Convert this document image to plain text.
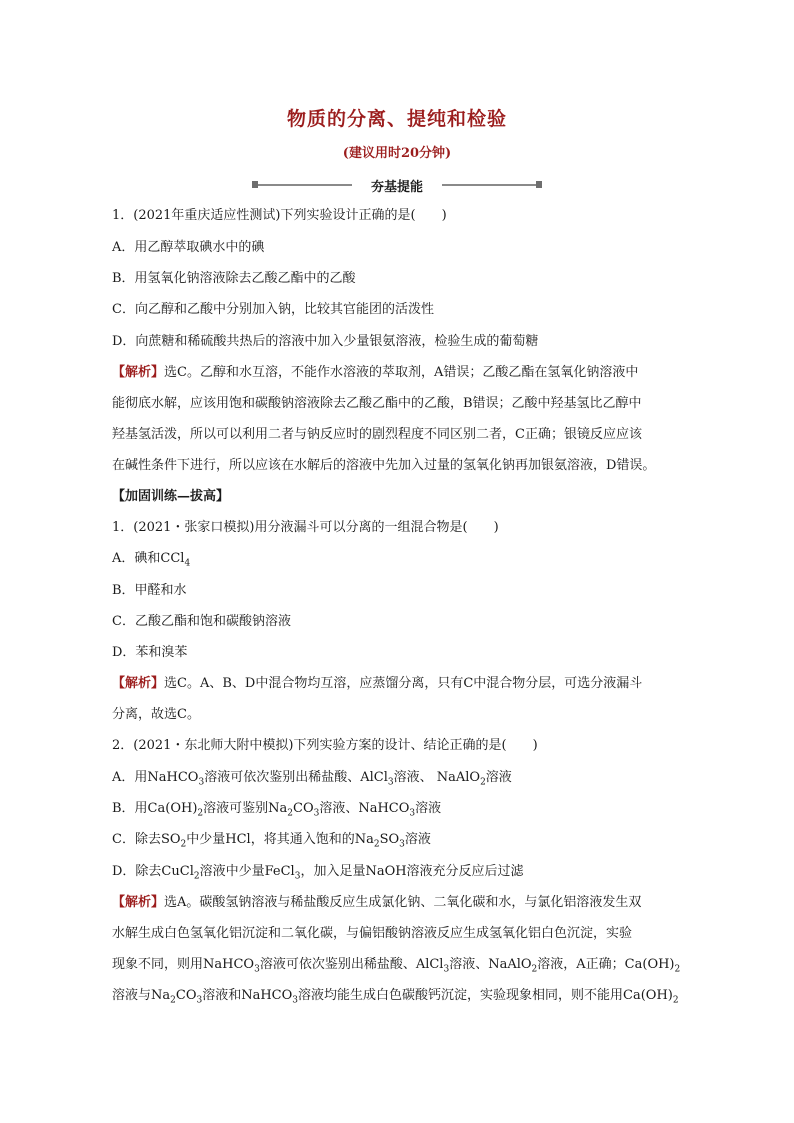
物质的分离、提纯和检验
(建议用时20分钟)
夯基提能
1．(2021年重庆适应性测试)下列实验设计正确的是(　　)
A．用乙醇萃取碘水中的碘
B．用氢氧化钠溶液除去乙酸乙酯中的乙酸
C．向乙醇和乙酸中分别加入钠，比较其官能团的活泼性
D．向蔗糖和稀硫酸共热后的溶液中加入少量银氨溶液，检验生成的葡萄糖
【解析】选C。乙醇和水互溶，不能作水溶液的萃取剂，A错误；乙酸乙酯在氢氧化钠溶液中
能彻底水解，应该用饱和碳酸钠溶液除去乙酸乙酯中的乙酸，B错误；乙酸中羟基氢比乙醇中
羟基氢活泼，所以可以利用二者与钠反应时的剧烈程度不同区别二者，C正确；银镜反应应该
在碱性条件下进行，所以应该在水解后的溶液中先加入过量的氢氧化钠再加银氨溶液，D错误。
【加固训练—拔高】
1．(2021・张家口模拟)用分液漏斗可以分离的一组混合物是(　　)
A．碘和CCl$_4$
B．甲醛和水
C．乙酸乙酯和饱和碳酸钠溶液
D．苯和溴苯
【解析】选C。A、B、D中混合物均互溶，应蒸馏分离，只有C中混合物分层，可选分液漏斗
分离，故选C。
2．(2021・东北师大附中模拟)下列实验方案的设计、结论正确的是(　　)
A．用NaHCO$_3$溶液可依次鉴别出稀盐酸、AlCl$_3$溶液、 NaAlO$_2$溶液
B．用$Ca(OH)_2$溶液可鉴别$Na_2CO_3$溶液、NaHCO$_3$溶液
C．除去$SO_2$中少量HCl，将其通入饱和的$Na_2SO_3$溶液
D．除去CuCl$_2$溶液中少量FeCl$_3$，加入足量NaOH溶液充分反应后过滤
【解析】选A。碳酸氢钠溶液与稀盐酸反应生成氯化钠、二氧化碳和水，与氯化铝溶液发生双
水解生成白色氢氧化铝沉淀和二氧化碳，与偏铝酸钠溶液反应生成氢氧化铝白色沉淀，实验
现象不同，则用NaHCO$_3$溶液可依次鉴别出稀盐酸、AlCl$_3$溶液、NaAlO$_2$溶液，A正确；$Ca(OH)_2$
溶液与$Na_2CO_3$溶液和NaHCO$_3$溶液均能生成白色碳酸钙沉淀，实验现象相同，则不能用$Ca(OH)_2$
